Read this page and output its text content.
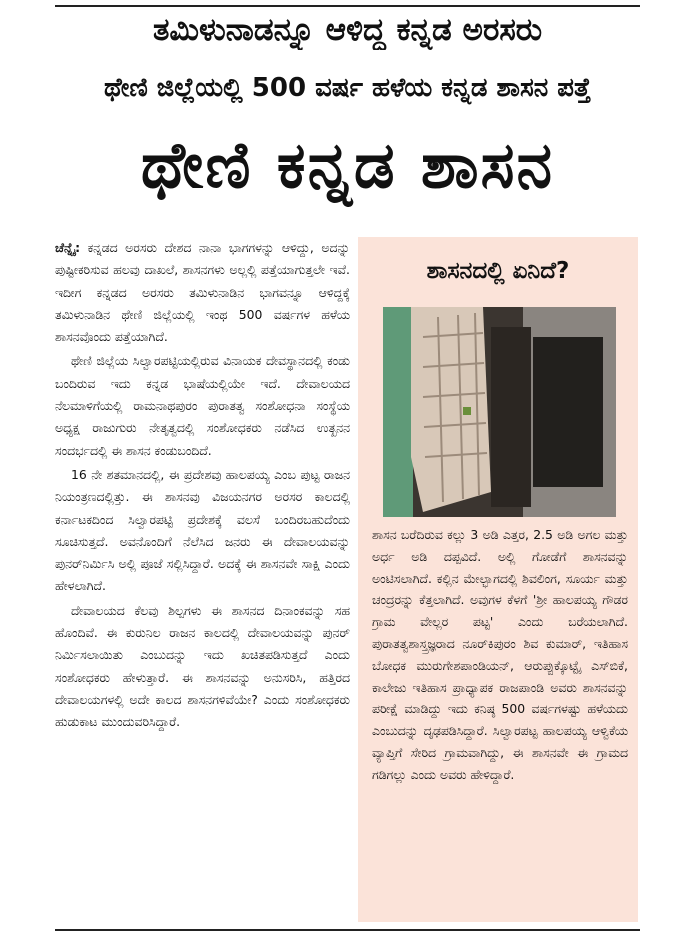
ತಮಿಳುನಾಡನ್ನೂ ಆಳಿದ್ದ ಕನ್ನಡ ಅರಸರು
ಥೇಣಿ ಜಿಲ್ಲೆಯಲ್ಲಿ 500 ವರ್ಷ ಹಳೆಯ ಕನ್ನಡ ಶಾಸನ ಪತ್ತೆ
ಥೇಣಿ ಕನ್ನಡ ಶಾಸನ

ಚೆನ್ನೈ: ಕನ್ನಡದ ಅರಸರು ದೇಶದ ನಾನಾ ಭಾಗಗಳನ್ನು ಆಳಿದ್ದು, ಅದನ್ನು ಪುಷ್ಟೀಕರಿಸುವ ಹಲವು ದಾಖಲೆ, ಶಾಸನಗಳು ಅಲ್ಲಲ್ಲಿ ಪತ್ತೆಯಾಗುತ್ತಲೇ ಇವೆ. ಇದೀಗ ಕನ್ನಡದ ಅರಸರು ತಮಿಳುನಾಡಿನ ಭಾಗವನ್ನೂ ಆಳಿದ್ದಕ್ಕೆ ತಮಿಳುನಾಡಿನ ಥೇಣಿ ಜಿಲ್ಲೆಯಲ್ಲಿ ಇಂಥ 500 ವರ್ಷಗಳ ಹಳೆಯ ಶಾಸನವೊಂದು ಪತ್ತೆಯಾಗಿದೆ.

ಥೇಣಿ ಜಿಲ್ಲೆಯ ಸಿಲ್ವಾರಪಟ್ಟಿಯಲ್ಲಿರುವ ವಿನಾಯಕ ದೇವಸ್ಥಾನದಲ್ಲಿ ಕಂಡು ಬಂದಿರುವ ಇದು ಕನ್ನಡ ಭಾಷೆಯಲ್ಲಿಯೇ ಇದೆ. ದೇವಾಲಯದ ನೆಲಮಾಳಿಗೆಯಲ್ಲಿ ರಾಮನಾಥಪುರಂ ಪುರಾತತ್ವ ಸಂಶೋಧನಾ ಸಂಸ್ಥೆಯ ಅಧ್ಯಕ್ಷ ರಾಜುಗುರು ನೇತೃತ್ವದಲ್ಲಿ ಸಂಶೋಧಕರು ನಡೆಸಿದ ಉತ್ಖನನ ಸಂದರ್ಭದಲ್ಲಿ ಈ ಶಾಸನ ಕಂಡುಬಂದಿದೆ.

16 ನೇ ಶತಮಾನದಲ್ಲಿ, ಈ ಪ್ರದೇಶವು ಹಾಲಪಯ್ಯ ಎಂಬ ಪುಟ್ಟ ರಾಜನ ನಿಯಂತ್ರಣದಲ್ಲಿತ್ತು. ಈ ಶಾಸನವು ವಿಜಯನಗರ ಅರಸರ ಕಾಲದಲ್ಲಿ ಕರ್ನಾಟಕದಿಂದ ಸಿಲ್ವಾರಪಟ್ಟಿ ಪ್ರದೇಶಕ್ಕೆ ವಲಸೆ ಬಂದಿರಬಹುದೆಂದು ಸೂಚಿಸುತ್ತದೆ. ಅವನೊಂದಿಗೆ ನೆಲೆಸಿದ ಜನರು ಈ ದೇವಾಲಯವನ್ನು ಪುನರ್‌ನಿರ್ಮಿಸಿ ಅಲ್ಲಿ ಪೂಜೆ ಸಲ್ಲಿಸಿದ್ದಾರೆ. ಅದಕ್ಕೆ ಈ ಶಾಸನವೇ ಸಾಕ್ಷಿ ಎಂದು ಹೇಳಲಾಗಿದೆ.

ದೇವಾಲಯದ ಕೆಲವು ಶಿಲ್ಪಗಳು ಈ ಶಾಸನದ ದಿನಾಂಕವನ್ನು ಸಹ ಹೊಂದಿವೆ. ಈ ಕುರುನಿಲ ರಾಜನ ಕಾಲದಲ್ಲಿ ದೇವಾಲಯವನ್ನು ಪುನರ್ ನಿರ್ಮಿಸಲಾಯಿತು ಎಂಬುದನ್ನು ಇದು ಖಚಿತಪಡಿಸುತ್ತದೆ ಎಂದು ಸಂಶೋಧಕರು ಹೇಳುತ್ತಾರೆ. ಈ ಶಾಸನವನ್ನು ಅನುಸರಿಸಿ, ಹತ್ತಿರದ ದೇವಾಲಯಗಳಲ್ಲಿ ಅದೇ ಕಾಲದ ಶಾಸನಗಳಿವೆಯೇ? ಎಂದು ಸಂಶೋಧಕರು ಹುಡುಕಾಟ ಮುಂದುವರಿಸಿದ್ದಾರೆ.

ಶಾಸನದಲ್ಲಿ ಏನಿದೆ?

ಶಾಸನ ಬರೆದಿರುವ ಕಲ್ಲು 3 ಅಡಿ ಎತ್ತರ, 2.5 ಅಡಿ ಅಗಲ ಮತ್ತು ಅರ್ಧ ಅಡಿ ದಪ್ಪವಿದೆ. ಅಲ್ಲಿ ಗೋಡೆಗೆ ಶಾಸನವನ್ನು ಅಂಟಿಸಲಾಗಿದೆ. ಕಲ್ಲಿನ ಮೇಲ್ಭಾಗದಲ್ಲಿ ಶಿವಲಿಂಗ, ಸೂರ್ಯ ಮತ್ತು ಚಂದ್ರರನ್ನು ಕೆತ್ತಲಾಗಿದೆ. ಅವುಗಳ ಕೆಳಗೆ 'ಶ್ರೀ ಹಾಲಪಯ್ಯ ಗೌಡರ ಗ್ರಾಮ ವೇಲ್ಲರ ಪಟ್ಟ' ಎಂದು ಬರೆಯಲಾಗಿದೆ. ಪುರಾತತ್ವಶಾಸ್ತ್ರಜ್ಞರಾದ ನೂರ್‌ಕಿಪುರಂ ಶಿವ ಕುಮಾರ್, ಇತಿಹಾಸ ಬೋಧಕ ಮುರುಗೇಶಪಾಂಡಿಯನ್, ಆರುಪ್ಪುಕ್ಕೊಟ್ಟೈ ಎಸ್‌ಬಿಕೆ, ಕಾಲೇಜು ಇತಿಹಾಸ ಪ್ರಾಧ್ಯಾಪಕ ರಾಜಪಾಂಡಿ ಅವರು ಶಾಸನವನ್ನು ಪರೀಕ್ಷೆ ಮಾಡಿದ್ದು ಇದು ಕನಿಷ್ಠ 500 ವರ್ಷಗಳಷ್ಟು ಹಳೆಯದು ಎಂಬುದನ್ನು ದೃಢಪಡಿಸಿದ್ದಾರೆ. ಸಿಲ್ವಾರಪಟ್ಟ ಹಾಲಪಯ್ಯ ಆಳ್ವಿಕೆಯ ವ್ಯಾಪ್ತಿಗೆ ಸೇರಿದ ಗ್ರಾಮವಾಗಿದ್ದು, ಈ ಶಾಸನವೇ ಈ ಗ್ರಾಮದ ಗಡಿಗಲ್ಲು ಎಂದು ಅವರು ಹೇಳಿದ್ದಾರೆ.
